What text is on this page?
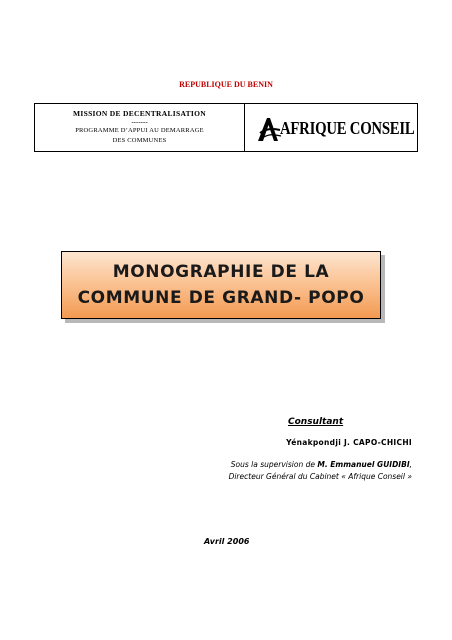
REPUBLIQUE DU BENIN
MISSION DE DECENTRALISATION
-------
PROGRAMME D’APPUI AU DEMARRAGE
DES COMMUNES
AFRIQUE CONSEIL
MONOGRAPHIE DE LA
COMMUNE DE GRAND- POPO
Consultant
Yénakpondji J. CAPO-CHICHI
Sous la supervision de M. Emmanuel GUIDIBI,
Directeur Général du Cabinet « Afrique Conseil »
Avril 2006
